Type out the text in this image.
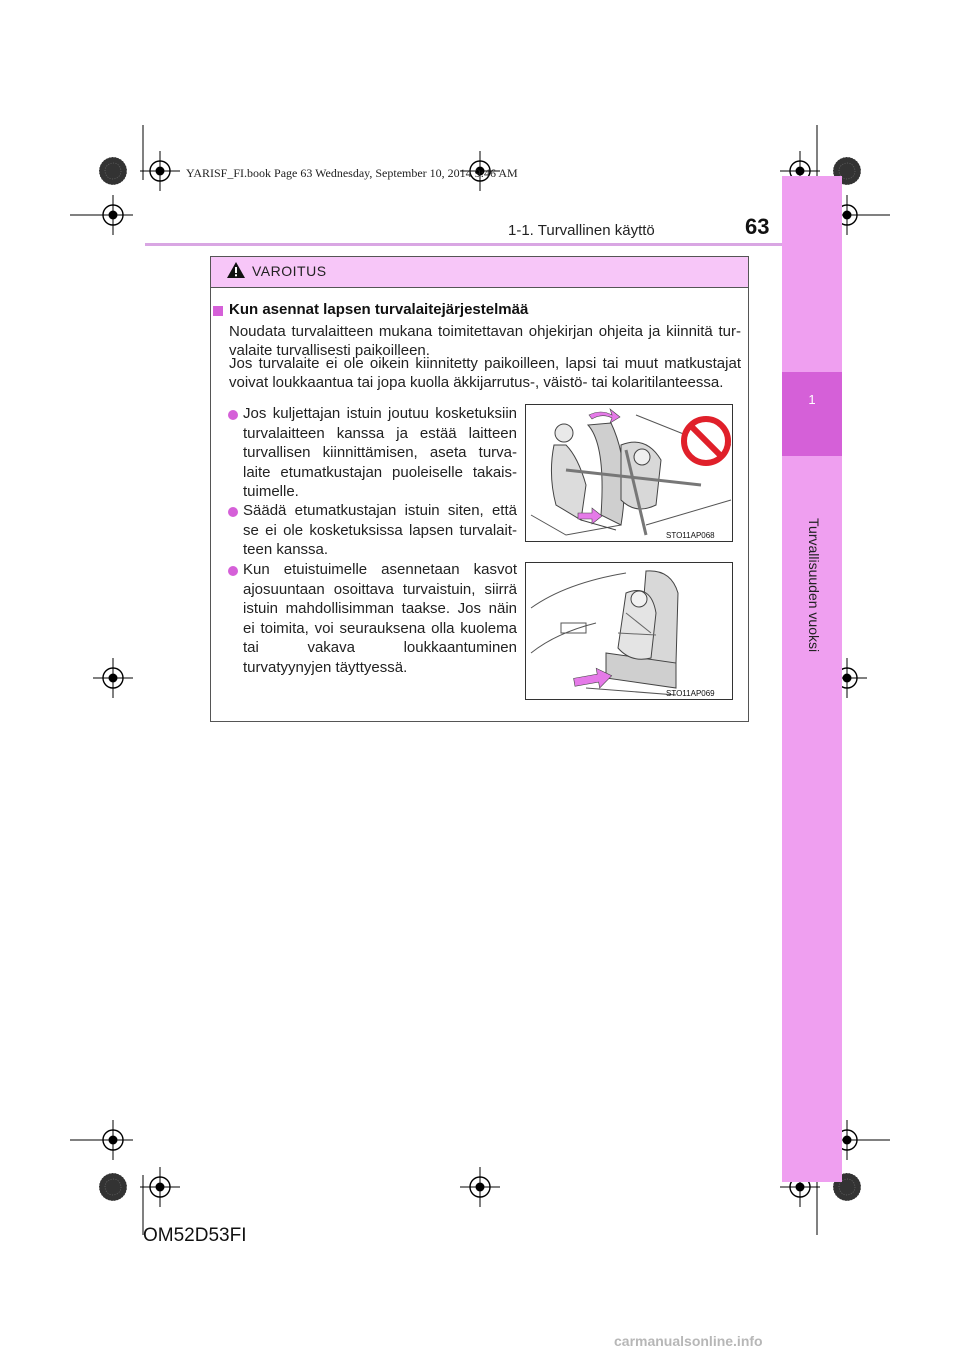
1
Turvallisuuden vuoksi
YARISF_FI.book Page 63 Wednesday, September 10, 2014 9:46 AM
1-1. Turvallinen käyttö	63
VAROITUS
Kun asennat lapsen turvalaitejärjestelmää
Noudata turvalaitteen mukana toimitettavan ohjekirjan ohjeita ja kiinnitä tur- valaite turvallisesti paikoilleen.
Jos turvalaite ei ole oikein kiinnitetty paikoilleen, lapsi tai muut matkustajat voivat loukkaantua tai jopa kuolla äkkijarrutus-, väistö- tai kolaritilanteessa.
Jos kuljettajan istuin joutuu kosketuksiin turvalaitteen kanssa ja estää laitteen turvallisen kiinnittämisen, aseta turva- laite etumatkustajan puoleiselle takais- tuimelle.
Säädä etumatkustajan istuin siten, että se ei ole kosketuksissa lapsen turvalait- teen kanssa.
Kun etuistuimelle asennetaan kasvot ajosuuntaan osoittava turvaistuin, siirrä istuin mahdollisimman taakse. Jos näin ei toimita, voi seurauksena olla kuolema tai vakava loukkaantuminen turvatyynyjen täyttyessä.
STO11AP068
STO11AP069
OM52D53FI
carmanualsonline.info
